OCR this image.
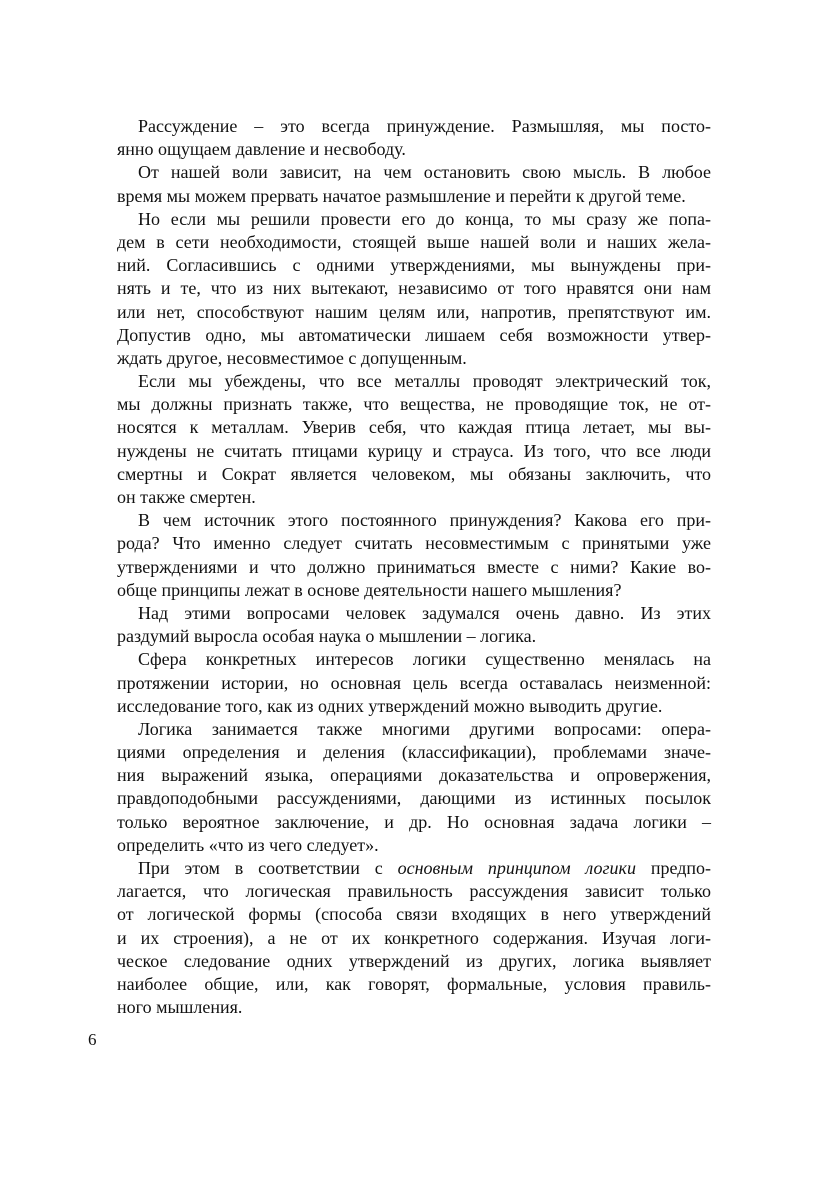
Рассуждение – это всегда принуждение. Размышляя, мы посто-
янно ощущаем давление и несвободу.

От нашей воли зависит, на чем остановить свою мысль. В любое
время мы можем прервать начатое размышление и перейти к другой теме.

Но если мы решили провести его до конца, то мы сразу же попа-
дем в сети необходимости, стоящей выше нашей воли и наших жела-
ний. Согласившись с одними утверждениями, мы вынуждены при-
нять и те, что из них вытекают, независимо от того нравятся они нам
или нет, способствуют нашим целям или, напротив, препятствуют им.
Допустив одно, мы автоматически лишаем себя возможности утвер-
ждать другое, несовместимое с допущенным.

Если мы убеждены, что все металлы проводят электрический ток,
мы должны признать также, что вещества, не проводящие ток, не от-
носятся к металлам. Уверив себя, что каждая птица летает, мы вы-
нуждены не считать птицами курицу и страуса. Из того, что все люди
смертны и Сократ является человеком, мы обязаны заключить, что
он также смертен.

В чем источник этого постоянного принуждения? Какова его при-
рода? Что именно следует считать несовместимым с принятыми уже
утверждениями и что должно приниматься вместе с ними? Какие во-
обще принципы лежат в основе деятельности нашего мышления?

Над этими вопросами человек задумался очень давно. Из этих
раздумий выросла особая наука о мышлении – логика.

Сфера конкретных интересов логики существенно менялась на
протяжении истории, но основная цель всегда оставалась неизменной:
исследование того, как из одних утверждений можно выводить другие.

Логика занимается также многими другими вопросами: опера-
циями определения и деления (классификации), проблемами значе-
ния выражений языка, операциями доказательства и опровержения,
правдоподобными рассуждениями, дающими из истинных посылок
только вероятное заключение, и др. Но основная задача логики –
определить «что из чего следует».

При этом в соответствии с основным принципом логики предпо-
лагается, что логическая правильность рассуждения зависит только
от логической формы (способа связи входящих в него утверждений
и их строения), а не от их конкретного содержания. Изучая логи-
ческое следование одних утверждений из других, логика выявляет
наиболее общие, или, как говорят, формальные, условия правиль-
ного мышления.

6
